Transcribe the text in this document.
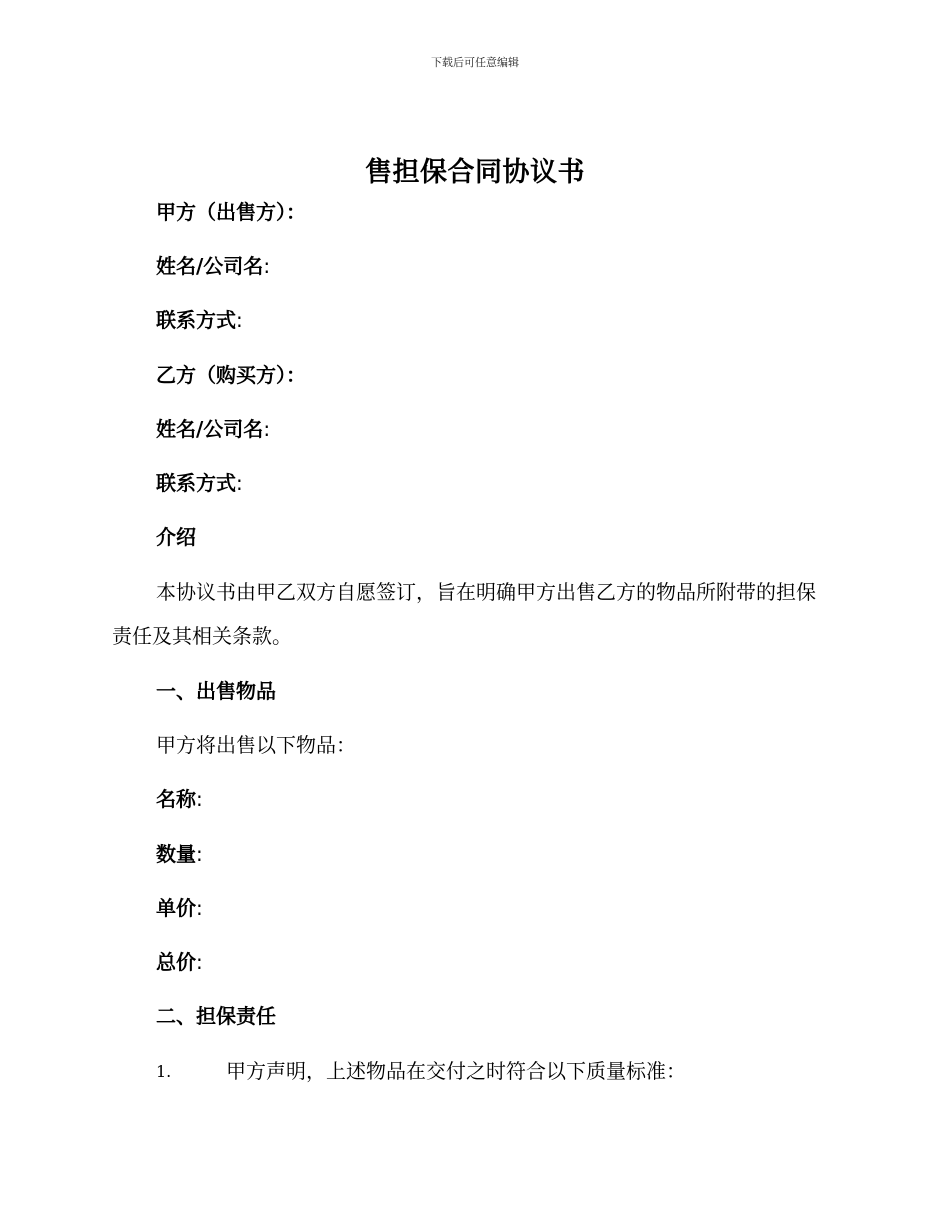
下载后可任意编辑
售担保合同协议书
甲方（出售方）：
姓名/公司名:
联系方式:
乙方（购买方）：
姓名/公司名:
联系方式:
介绍
本协议书由甲乙双方自愿签订，旨在明确甲方出售乙方的物品所附带的担保责任及其相关条款。
一、出售物品
甲方将出售以下物品：
名称:
数量:
单价:
总价:
二、担保责任
1.	甲方声明，上述物品在交付之时符合以下质量标准：
